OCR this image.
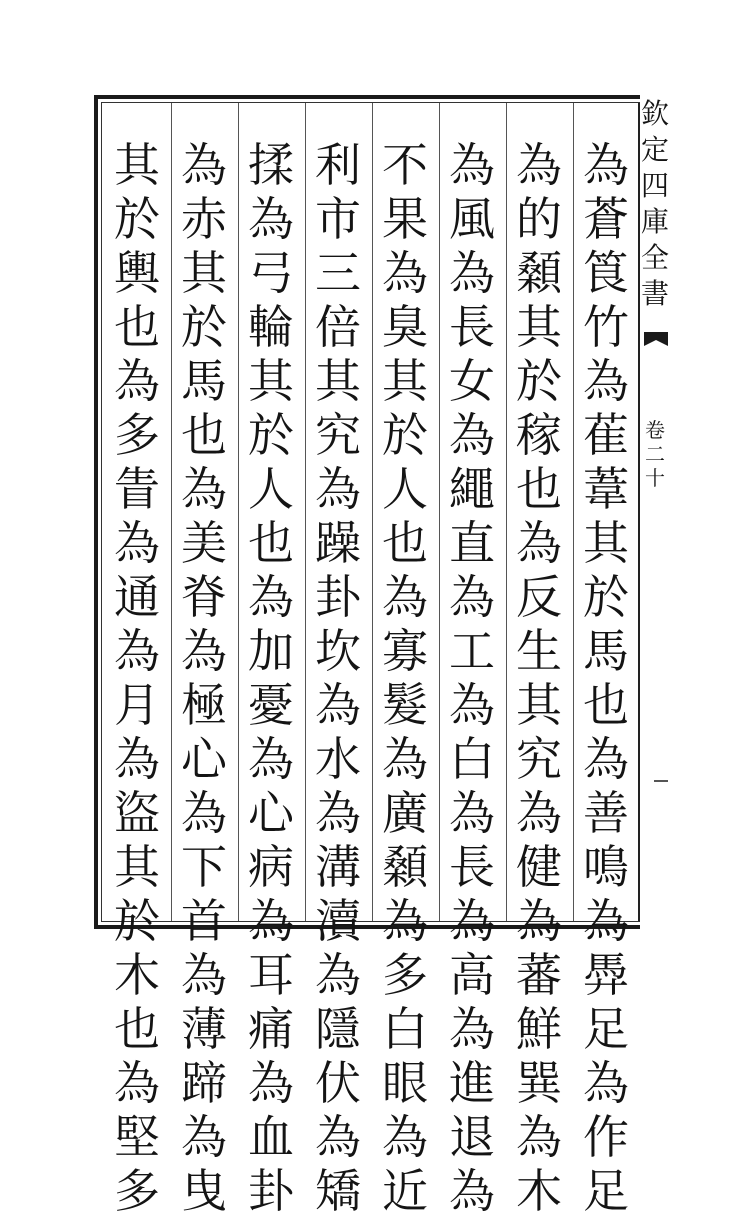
欽
定
四
庫
全
書
卷
二
十
為
蒼
筤
竹
為
萑
葦
其
於
馬
也
為
善
鳴
為
馵
足
為
作
足
為
的
顙
其
於
稼
也
為
反
生
其
究
為
健
為
蕃
鮮
巽
為
木
為
風
為
長
女
為
繩
直
為
工
為
白
為
長
為
高
為
進
退
為
不
果
為
臭
其
於
人
也
為
寡
髮
為
廣
顙
為
多
白
眼
為
近
利
市
三
倍
其
究
為
躁
卦
坎
為
水
為
溝
瀆
為
隱
伏
為
矯
揉
為
弓
輪
其
於
人
也
為
加
憂
為
心
病
為
耳
痛
為
血
卦
為
赤
其
於
馬
也
為
美
脊
為
極
心
為
下
首
為
薄
蹄
為
曳
其
於
輿
也
為
多
眚
為
通
為
月
為
盜
其
於
木
也
為
堅
多
